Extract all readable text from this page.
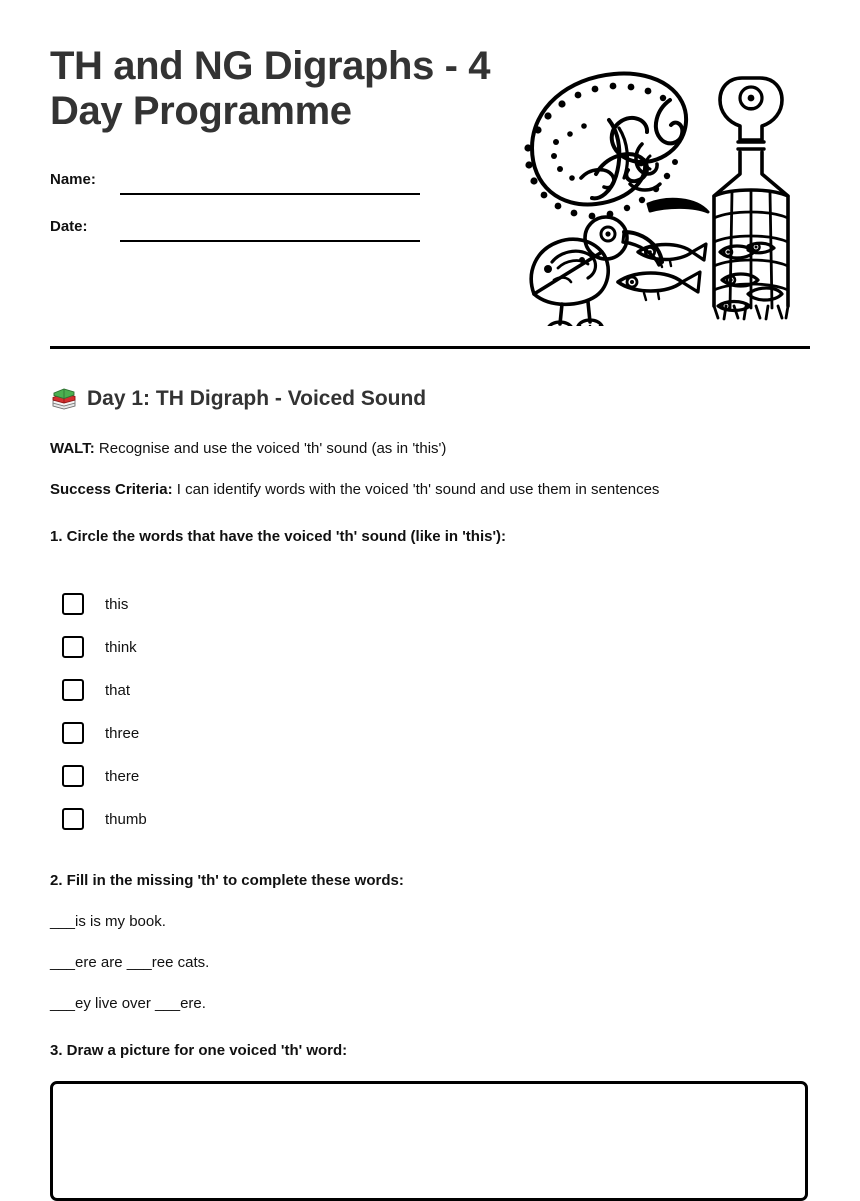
TH and NG Digraphs - 4 Day Programme
Name:
Date:
Day 1: TH Digraph - Voiced Sound

WALT: Recognise and use the voiced 'th' sound (as in 'this')

Success Criteria: I can identify words with the voiced 'th' sound and use them in sentences

1. Circle the words that have the voiced 'th' sound (like in 'this'):

this
think
that
three
there
thumb

2. Fill in the missing 'th' to complete these words:

___is is my book.

___ere are ___ree cats.

___ey live over ___ere.

3. Draw a picture for one voiced 'th' word:
